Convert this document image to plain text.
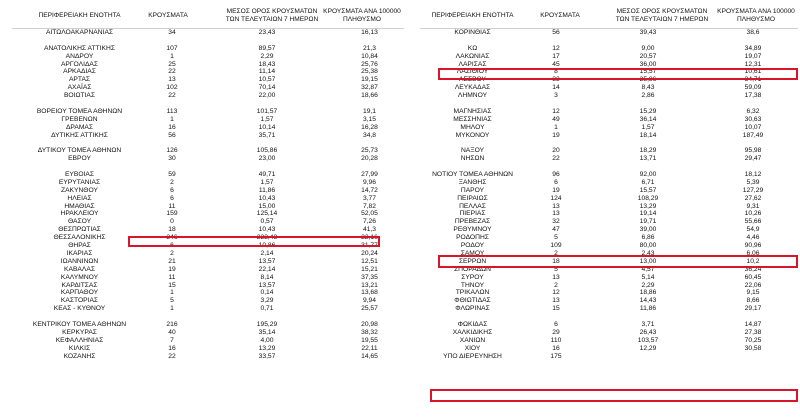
ΠΕΡΙΦΕΡΕΙΑΚΗ ΕΝΟΤΗΤΑ	ΚΡΟΥΣΜΑΤΑ
ΜΕΣΟΣ ΟΡΟΣ ΚΡΟΥΣΜΑΤΩΝ ΤΩΝ ΤΕΛΕΥΤΑΙΩΝ 7 ΗΜΕΡΩΝ
ΚΡΟΥΣΜΑΤΑ ΑΝΑ 100000 ΠΛΗΘΥΣΜΟ
ΠΕΡΙΦΕΡΕΙΑΚΗ ΕΝΟΤΗΤΑ	ΚΡΟΥΣΜΑΤΑ
ΜΕΣΟΣ ΟΡΟΣ ΚΡΟΥΣΜΑΤΩΝ ΤΩΝ ΤΕΛΕΥΤΑΙΩΝ 7 ΗΜΕΡΩΝ
ΚΡΟΥΣΜΑΤΑ ΑΝΑ 100000 ΠΛΗΘΥΣΜΟ
ΑΙΤΩΛΟΑΚΑΡΝΑΝΙΑΣ	34	23,43	16,13
ΑΝΑΤΟΛΙΚΗΣ ΑΤΤΙΚΗΣ	107	89,57	21,3
ΑΝΔΡΟΥ	1	2,29	10,84
ΑΡΓΟΛΙΔΑΣ	25	18,43	25,76
ΑΡΚΑΔΙΑΣ	22	11,14	25,38
ΑΡΤΑΣ	13	10,57	19,15
ΑΧΑΪΑΣ	102	70,14	32,87
ΒΟΙΩΤΙΑΣ	22	22,00	18,66
ΒΟΡΕΙΟΥ ΤΟΜΕΑ ΑΘΗΝΩΝ	113	101,57	19,1
ΓΡΕΒΕΝΩΝ	1	1,57	3,15
ΔΡΑΜΑΣ	16	10,14	16,28
ΔΥΤΙΚΗΣ ΑΤΤΙΚΗΣ	56	35,71	34,8
ΔΥΤΙΚΟΥ ΤΟΜΕΑ ΑΘΗΝΩΝ	126	105,86	25,73
ΕΒΡΟΥ	30	23,00	20,28
ΕΥΒΟΙΑΣ	59	49,71	27,99
ΕΥΡΥΤΑΝΙΑΣ	2	1,57	9,96
ΖΑΚΥΝΘΟΥ	6	11,86	14,72
ΗΛΕΙΑΣ	6	10,43	3,77
ΗΜΑΘΙΑΣ	11	15,00	7,82
ΗΡΑΚΛΕΙΟΥ	159	125,14	52,05
ΘΑΣΟΥ	0	0,57	7,26
ΘΕΣΠΡΩΤΙΑΣ	18	10,43	41,3
ΘΕΣΣΑΛΟΝΙΚΗΣ	246	222,43	22,16
ΘΗΡΑΣ	6	10,86	31,77
ΙΚΑΡΙΑΣ	2	2,14	20,24
ΙΩΑΝΝΙΝΩΝ	21	13,57	12,51
ΚΑΒΑΛΑΣ	19	22,14	15,21
ΚΑΛΥΜΝΟΥ	11	8,14	37,35
ΚΑΡΔΙΤΣΑΣ	15	13,57	13,21
ΚΑΡΠΑΘΟΥ	1	0,14	13,68
ΚΑΣΤΟΡΙΑΣ	5	3,29	9,94
ΚΕΑΣ - ΚΥΘΝΟΥ	1	0,71	25,57
ΚΕΝΤΡΙΚΟΥ ΤΟΜΕΑ ΑΘΗΝΩΝ	216	195,29	20,98
ΚΕΡΚΥΡΑΣ	40	35,14	38,32
ΚΕΦΑΛΛΗΝΙΑΣ	7	4,00	19,55
ΚΙΛΚΙΣ	16	13,29	22,11
ΚΟΖΑΝΗΣ	22	33,57	14,65
ΚΟΡΙΝΘΙΑΣ	56	39,43	38,6
ΚΩ	12	9,00	34,89
ΛΑΚΩΝΙΑΣ	17	20,57	19,07
ΛΑΡΙΣΑΣ	45	36,00	12,31
ΛΑΣΙΘΙΟΥ	8	15,57	10,61
ΛΕΣΒΟΥ	33	25,86	34,71
ΛΕΥΚΑΔΑΣ	14	8,43	59,09
ΛΗΜΝΟΥ	3	2,86	17,38
ΜΑΓΝΗΣΙΑΣ	12	15,29	6,32
ΜΕΣΣΗΝΙΑΣ	49	36,14	30,63
ΜΗΛΟΥ	1	1,57	10,07
ΜΥΚΟΝΟΥ	19	18,14	187,49
ΝΑΞΟΥ	20	18,29	95,98
ΝΗΣΩΝ	22	13,71	29,47
ΝΟΤΙΟΥ ΤΟΜΕΑ ΑΘΗΝΩΝ	96	92,00	18,12
ΞΑΝΘΗΣ	6	6,71	5,39
ΠΑΡΟΥ	19	15,57	127,29
ΠΕΙΡΑΙΩΣ	124	108,29	27,62
ΠΕΛΛΑΣ	13	13,29	9,31
ΠΙΕΡΙΑΣ	13	19,14	10,26
ΠΡΕΒΕΖΑΣ	32	19,71	55,66
ΡΕΘΥΜΝΟΥ	47	39,00	54,9
ΡΟΔΟΠΗΣ	5	6,86	4,46
ΡΟΔΟΥ	109	80,00	90,96
ΣΑΜΟΥ	2	2,43	6,06
ΣΕΡΡΩΝ	18	13,00	10,2
ΣΠΟΡΑΔΩΝ	5	4,57	36,24
ΣΥΡΟΥ	13	5,14	60,45
ΤΗΝΟΥ	2	2,29	22,06
ΤΡΙΚΑΛΩΝ	12	18,86	9,15
ΦΘΙΩΤΙΔΑΣ	13	14,43	8,66
ΦΛΩΡΙΝΑΣ	15	11,86	29,17
ΦΩΚΙΔΑΣ	6	3,71	14,87
ΧΑΛΚΙΔΙΚΗΣ	29	26,43	27,38
ΧΑΝΙΩΝ	110	103,57	70,25
ΧΙΟΥ	16	12,29	30,58
ΥΠΟ ΔΙΕΡΕΥΝΗΣΗ	175
